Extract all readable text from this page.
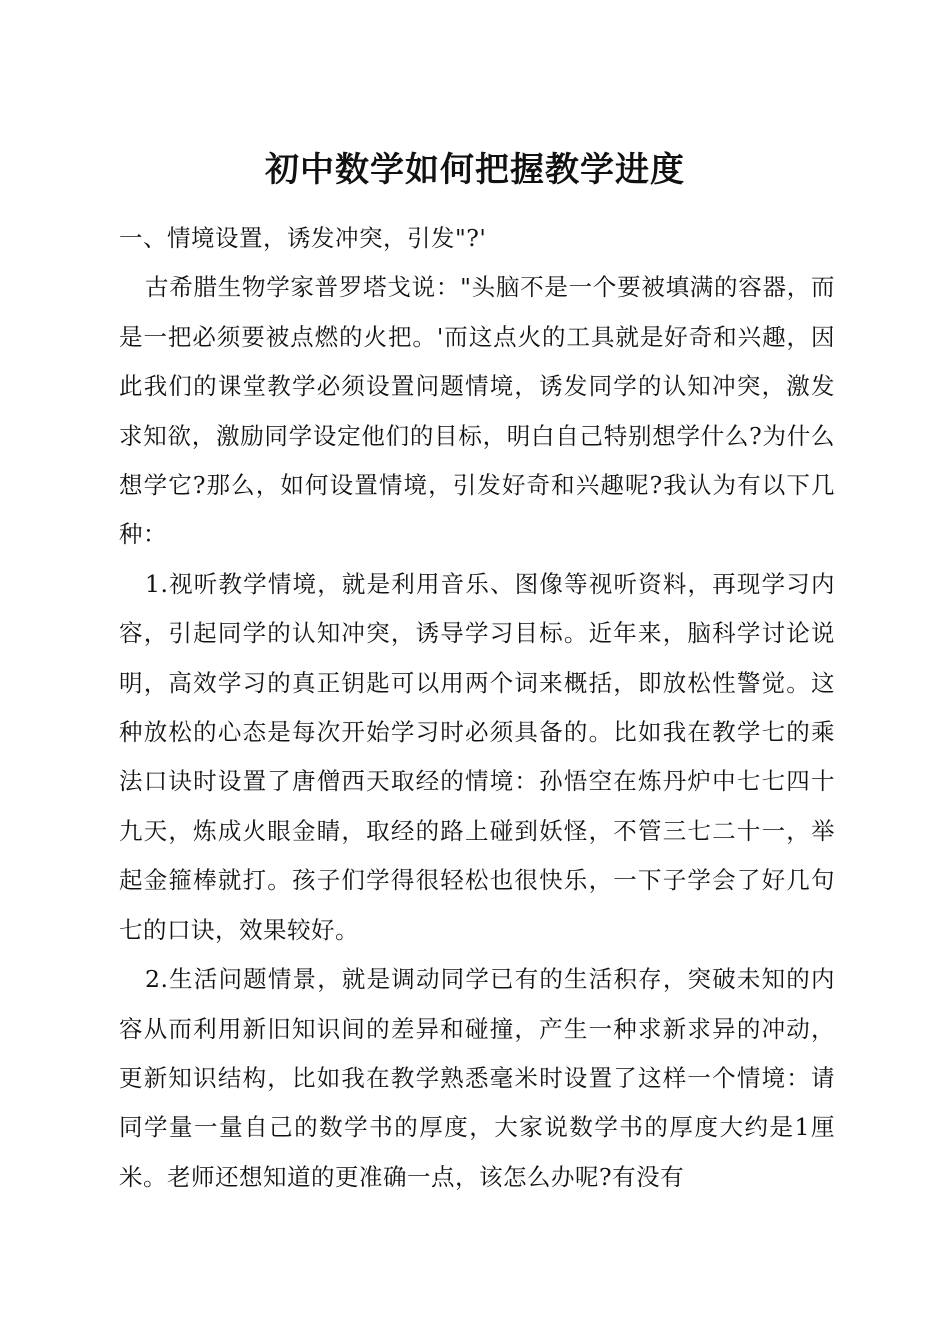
初中数学如何把握教学进度

一、情境设置，诱发冲突，引发"?'

古希腊生物学家普罗塔戈说："头脑不是一个要被填满的容器，而是一把必须要被点燃的火把。'而这点火的工具就是好奇和兴趣，因此我们的课堂教学必须设置问题情境，诱发同学的认知冲突，激发求知欲，激励同学设定他们的目标，明白自己特别想学什么?为什么想学它?那么，如何设置情境，引发好奇和兴趣呢?我认为有以下几种：

1.视听教学情境，就是利用音乐、图像等视听资料，再现学习内容，引起同学的认知冲突，诱导学习目标。近年来，脑科学讨论说明，高效学习的真正钥匙可以用两个词来概括，即放松性警觉。这种放松的心态是每次开始学习时必须具备的。比如我在教学七的乘法口诀时设置了唐僧西天取经的情境：孙悟空在炼丹炉中七七四十九天，炼成火眼金睛，取经的路上碰到妖怪，不管三七二十一，举起金箍棒就打。孩子们学得很轻松也很快乐，一下子学会了好几句七的口诀，效果较好。

2.生活问题情景，就是调动同学已有的生活积存，突破未知的内容从而利用新旧知识间的差异和碰撞，产生一种求新求异的冲动，更新知识结构，比如我在教学熟悉毫米时设置了这样一个情境：请同学量一量自己的数学书的厚度，大家说数学书的厚度大约是1厘米。老师还想知道的更准确一点，该怎么办呢?有没有
